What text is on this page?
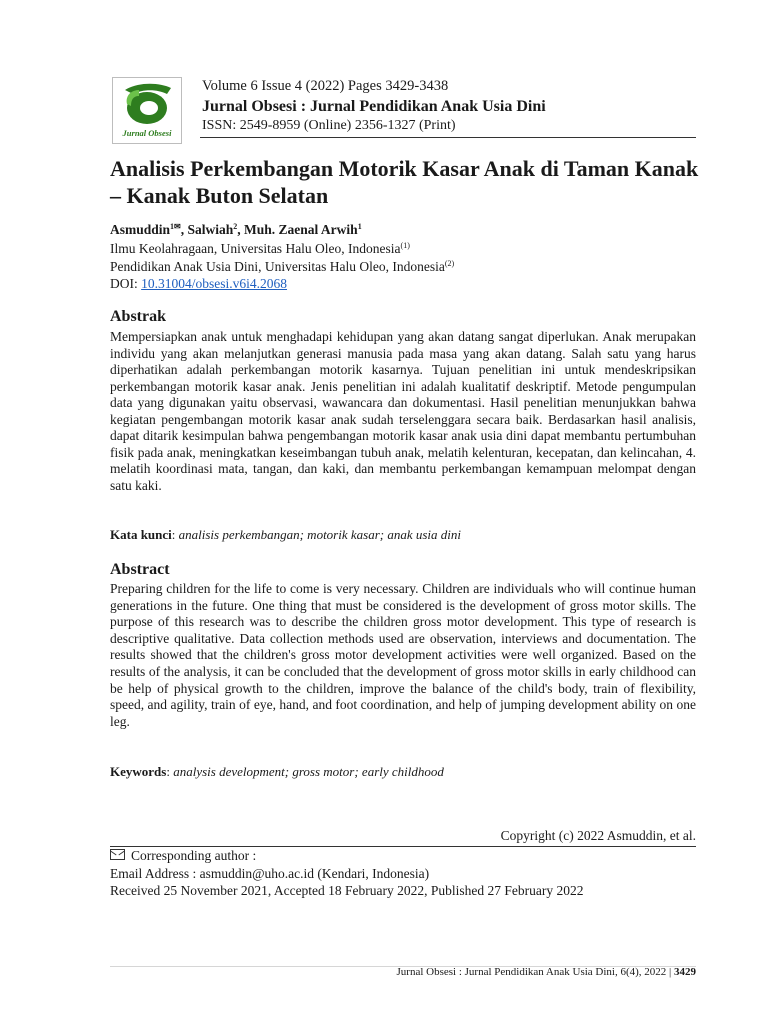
Jurnal Obsesi
Volume 6 Issue 4 (2022) Pages 3429-3438
Jurnal Obsesi : Jurnal Pendidikan Anak Usia Dini
ISSN: 2549-8959 (Online) 2356-1327 (Print)
Analisis Perkembangan Motorik Kasar Anak di Taman Kanak – Kanak Buton Selatan
Asmuddin$^{1✉}$, Salwiah$^2$, Muh. Zaenal Arwih$^1$
Ilmu Keolahragaan, Universitas Halu Oleo, Indonesia$^{(1)}$
Pendidikan Anak Usia Dini, Universitas Halu Oleo, Indonesia$^{(2)}$
DOI: 10.31004/obsesi.v6i4.2068
Abstrak
Mempersiapkan anak untuk menghadapi kehidupan yang akan datang sangat diperlukan. Anak merupakan individu yang akan melanjutkan generasi manusia pada masa yang akan datang. Salah satu yang harus diperhatikan adalah perkembangan motorik kasarnya. Tujuan penelitian ini untuk mendeskripsikan perkembangan motorik kasar anak. Jenis penelitian ini adalah kualitatif deskriptif. Metode pengumpulan data yang digunakan yaitu observasi, wawancara dan dokumentasi. Hasil penelitian menunjukkan bahwa kegiatan pengembangan motorik kasar anak sudah terselenggara secara baik. Berdasarkan hasil analisis, dapat ditarik kesimpulan bahwa pengembangan motorik kasar anak usia dini dapat membantu pertumbuhan fisik pada anak, meningkatkan keseimbangan tubuh anak, melatih kelenturan, kecepatan, dan kelincahan, 4. melatih koordinasi mata, tangan, dan kaki, dan membantu perkembangan kemampuan melompat dengan satu kaki.
Kata kunci: analisis perkembangan; motorik kasar; anak usia dini
Abstract
Preparing children for the life to come is very necessary. Children are individuals who will continue human generations in the future. One thing that must be considered is the development of gross motor skills. The purpose of this research was to describe the children gross motor development. This type of research is descriptive qualitative. Data collection methods used are observation, interviews and documentation. The results showed that the children's gross motor development activities were well organized. Based on the results of the analysis, it can be concluded that the development of gross motor skills in early childhood can be help of physical growth to the children, improve the balance of the child's body, train of flexibility, speed, and agility, train of eye, hand, and foot coordination, and help of jumping development ability on one leg.
Keywords: analysis development; gross motor; early childhood
Copyright (c) 2022 Asmuddin, et al.
Corresponding author :
Email Address : asmuddin@uho.ac.id (Kendari, Indonesia)
Received 25 November 2021, Accepted 18 February 2022, Published 27 February 2022
Jurnal Obsesi : Jurnal Pendidikan Anak Usia Dini, 6(4), 2022 | 3429
